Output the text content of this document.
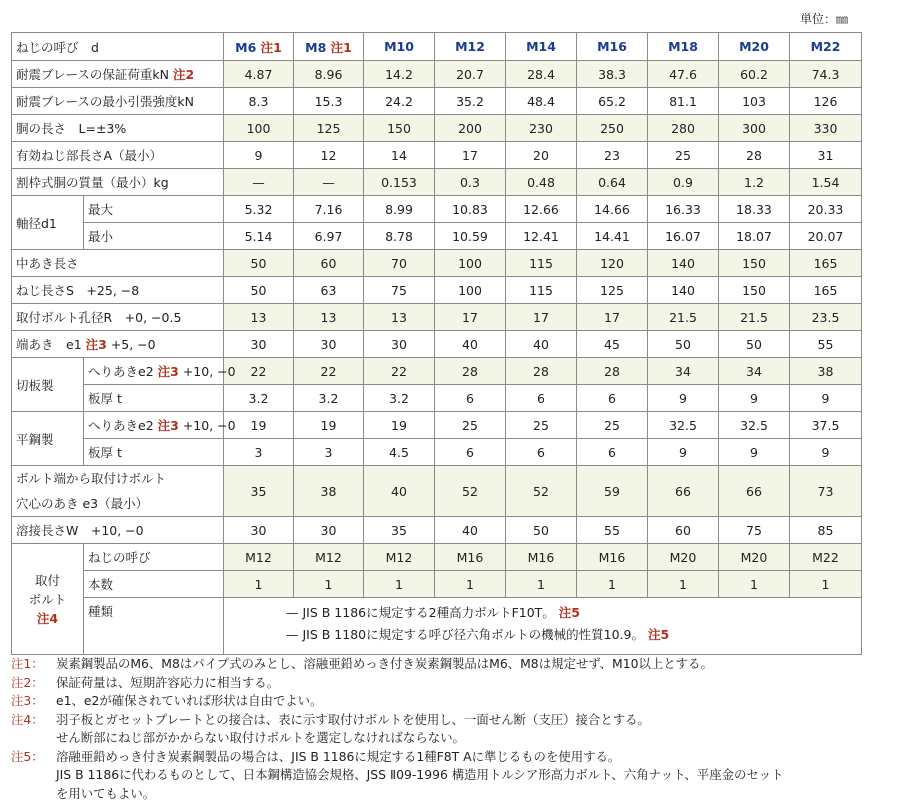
単位：㎜
ねじの呼び　d		M6 注1	M8 注1	M10	M12	M14	M16	M18	M20	M22
耐震ブレースの保証荷重kN 注2		4.87	8.96	14.2	20.7	28.4	38.3	47.6	60.2	74.3
耐震ブレースの最小引張強度kN		8.3	15.3	24.2	35.2	48.4	65.2	81.1	103	126
胴の長さ　L=±3%		100	125	150	200	230	250	280	300	330
有効ねじ部長さA（最小）		9	12	14	17	20	23	25	28	31
割枠式胴の質量（最小）kg		—	—	0.153	0.3	0.48	0.64	0.9	1.2	1.54
軸径d1	最大	5.32	7.16	8.99	10.83	12.66	14.66	16.33	18.33	20.33
	最小	5.14	6.97	8.78	10.59	12.41	14.41	16.07	18.07	20.07
中あき長さ		50	60	70	100	115	120	140	150	165
ねじ長さS　+25, −8		50	63	75	100	115	125	140	150	165
取付ボルト孔径R　+0, −0.5		13	13	13	17	17	17	21.5	21.5	23.5
端あき　e1 注3 +5, −0		30	30	30	40	40	45	50	50	55
切板製	へりあきe2 注3 +10, −0	22	22	22	28	28	28	34	34	38
	板厚 t	3.2	3.2	3.2	6	6	6	9	9	9
平鋼製	へりあきe2 注3 +10, −0	19	19	19	25	25	25	32.5	32.5	37.5
	板厚 t	3	3	4.5	6	6	6	9	9	9

ボルト端から取付けボルト
穴心のあき e3（最小）		35	38	40	52	52	59	66	66	73
溶接長さW　+10, −0		30	30	35	40	50	55	60	75	85

取付
ボルト
注4	ねじの呼び	M12	M12	M12	M16	M16	M16	M20	M20	M22
	本数	1	1	1	1	1	1	1	1	1
	種類	— JIS B 1186に規定する2種高力ボルトF10T。 注5
— JIS B 1180に規定する呼び径六角ボルトの機械的性質10.9。 注5								
注1： 炭素鋼製品のM6、M8はパイプ式のみとし、溶融亜鉛めっき付き炭素鋼製品はM6、M8は規定せず、M10以上とする。
注2： 保証荷量は、短期許容応力に相当する。
注3： e1、e2が確保されていれば形状は自由でよい。
注4： 羽子板とガセットプレートとの接合は、表に示す取付けボルトを使用し、一面せん断（支圧）接合とする。
せん断部にねじ部がかからない取付けボルトを選定しなければならない。
注5： 溶融亜鉛めっき付き炭素鋼製品の場合は、JIS B 1186に規定する1種F8T Aに準じるものを使用する。
JIS B 1186に代わるものとして、日本鋼構造協会規格、JSS Ⅱ09-1996 構造用トルシア形高力ボルト、六角ナット、平座金のセット
を用いてもよい。
